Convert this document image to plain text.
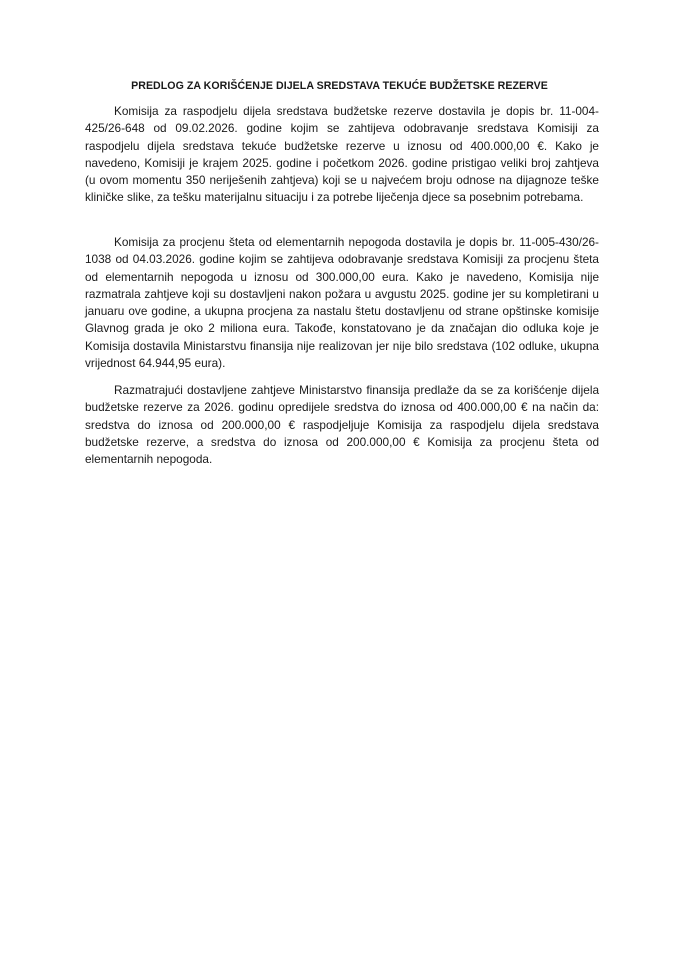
PREDLOG ZA KORIŠĆENJE DIJELA SREDSTAVA TEKUĆE BUDŽETSKE REZERVE

Komisija za raspodjelu dijela sredstava budžetske rezerve dostavila je dopis br. 11-004-425/26-648 od 09.02.2026. godine kojim se zahtijeva odobravanje sredstava Komisiji za raspodjelu dijela sredstava tekuće budžetske rezerve u iznosu od 400.000,00 €. Kako je navedeno, Komisiji je krajem 2025. godine i početkom 2026. godine pristigao veliki broj zahtjeva (u ovom momentu 350 neriješenih zahtjeva) koji se u najvećem broju odnose na dijagnoze teške kliničke slike, za tešku materijalnu situaciju i za potrebe liječenja djece sa posebnim potrebama.

Komisija za procjenu šteta od elementarnih nepogoda dostavila je dopis br. 11-005-430/26-1038 od 04.03.2026. godine kojim se zahtijeva odobravanje sredstava Komisiji za procjenu šteta od elementarnih nepogoda u iznosu od 300.000,00 eura. Kako je navedeno, Komisija nije razmatrala zahtjeve koji su dostavljeni nakon požara u avgustu 2025. godine jer su kompletirani u januaru ove godine, a ukupna procjena za nastalu štetu dostavljenu od strane opštinske komisije Glavnog grada je oko 2 miliona eura. Takođe, konstatovano je da značajan dio odluka koje je Komisija dostavila Ministarstvu finansija nije realizovan jer nije bilo sredstava (102 odluke, ukupna vrijednost 64.944,95 eura).

Razmatrajući dostavljene zahtjeve Ministarstvo finansija predlaže da se za korišćenje dijela budžetske rezerve za 2026. godinu opredijele sredstva do iznosa od 400.000,00 € na način da: sredstva do iznosa od 200.000,00 € raspodjeljuje Komisija za raspodjelu dijela sredstava budžetske rezerve, a sredstva do iznosa od 200.000,00 € Komisija za procjenu šteta od elementarnih nepogoda.
